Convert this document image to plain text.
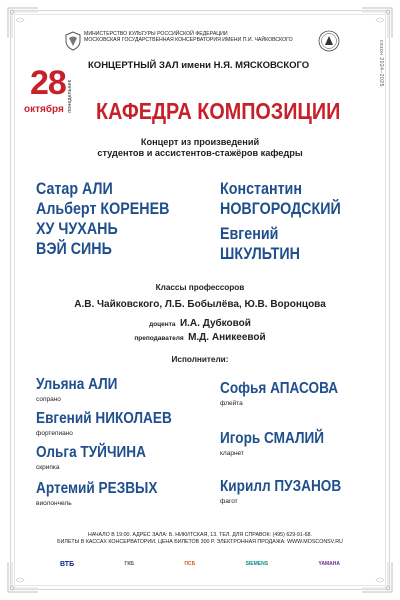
сезон 2024–2025
МИНИСТЕРСТВО КУЛЬТУРЫ РОССИЙСКОЙ ФЕДЕРАЦИИ
МОСКОВСКАЯ ГОСУДАРСТВЕННАЯ КОНСЕРВАТОРИЯ ИМЕНИ П.И. ЧАЙКОВСКОГО
КОНЦЕРТНЫЙ ЗАЛ имени Н.Я. МЯСКОВСКОГО
28 понедельник
октября КАФЕДРА КОМПОЗИЦИИ
Концерт из произведений
студентов и ассистентов-стажёров кафедры
Сатар АЛИ
Альберт КОРЕНЕВ
ХУ ЧУХАНЬ
ВЭЙ СИНЬ
Константин
НОВГОРОДСКИЙ
Евгений
ШКУЛЬТИН
Классы профессоров
А.В. Чайковского, Л.Б. Бобылёва, Ю.В. Воронцова
доцента И.А. Дубковой
преподавателя М.Д. Аникеевой
Исполнители:
Ульяна АЛИ
сопрано
Евгений НИКОЛАЕВ
фортепиано
Ольга ТУЙЧИНА
скрипка
Артемий РЕЗВЫХ
виолончель
Софья АПАСОВА
флейта
Игорь СМАЛИЙ
кларнет
Кирилл ПУЗАНОВ
фагот
НАЧАЛО В 19:00. АДРЕС ЗАЛА: Б. НИКИТСКАЯ, 13. ТЕЛ. ДЛЯ СПРАВОК: (495) 629-91-68.
БИЛЕТЫ В КАССАХ КОНСЕРВАТОРИИ. ЦЕНА БИЛЕТОВ 300 Р. ЭЛЕКТРОННАЯ ПРОДАЖА: WWW.MOSCONSV.RU
ВТБ	ГКБ	ПСБ	SIEMENS	YAMAHA
